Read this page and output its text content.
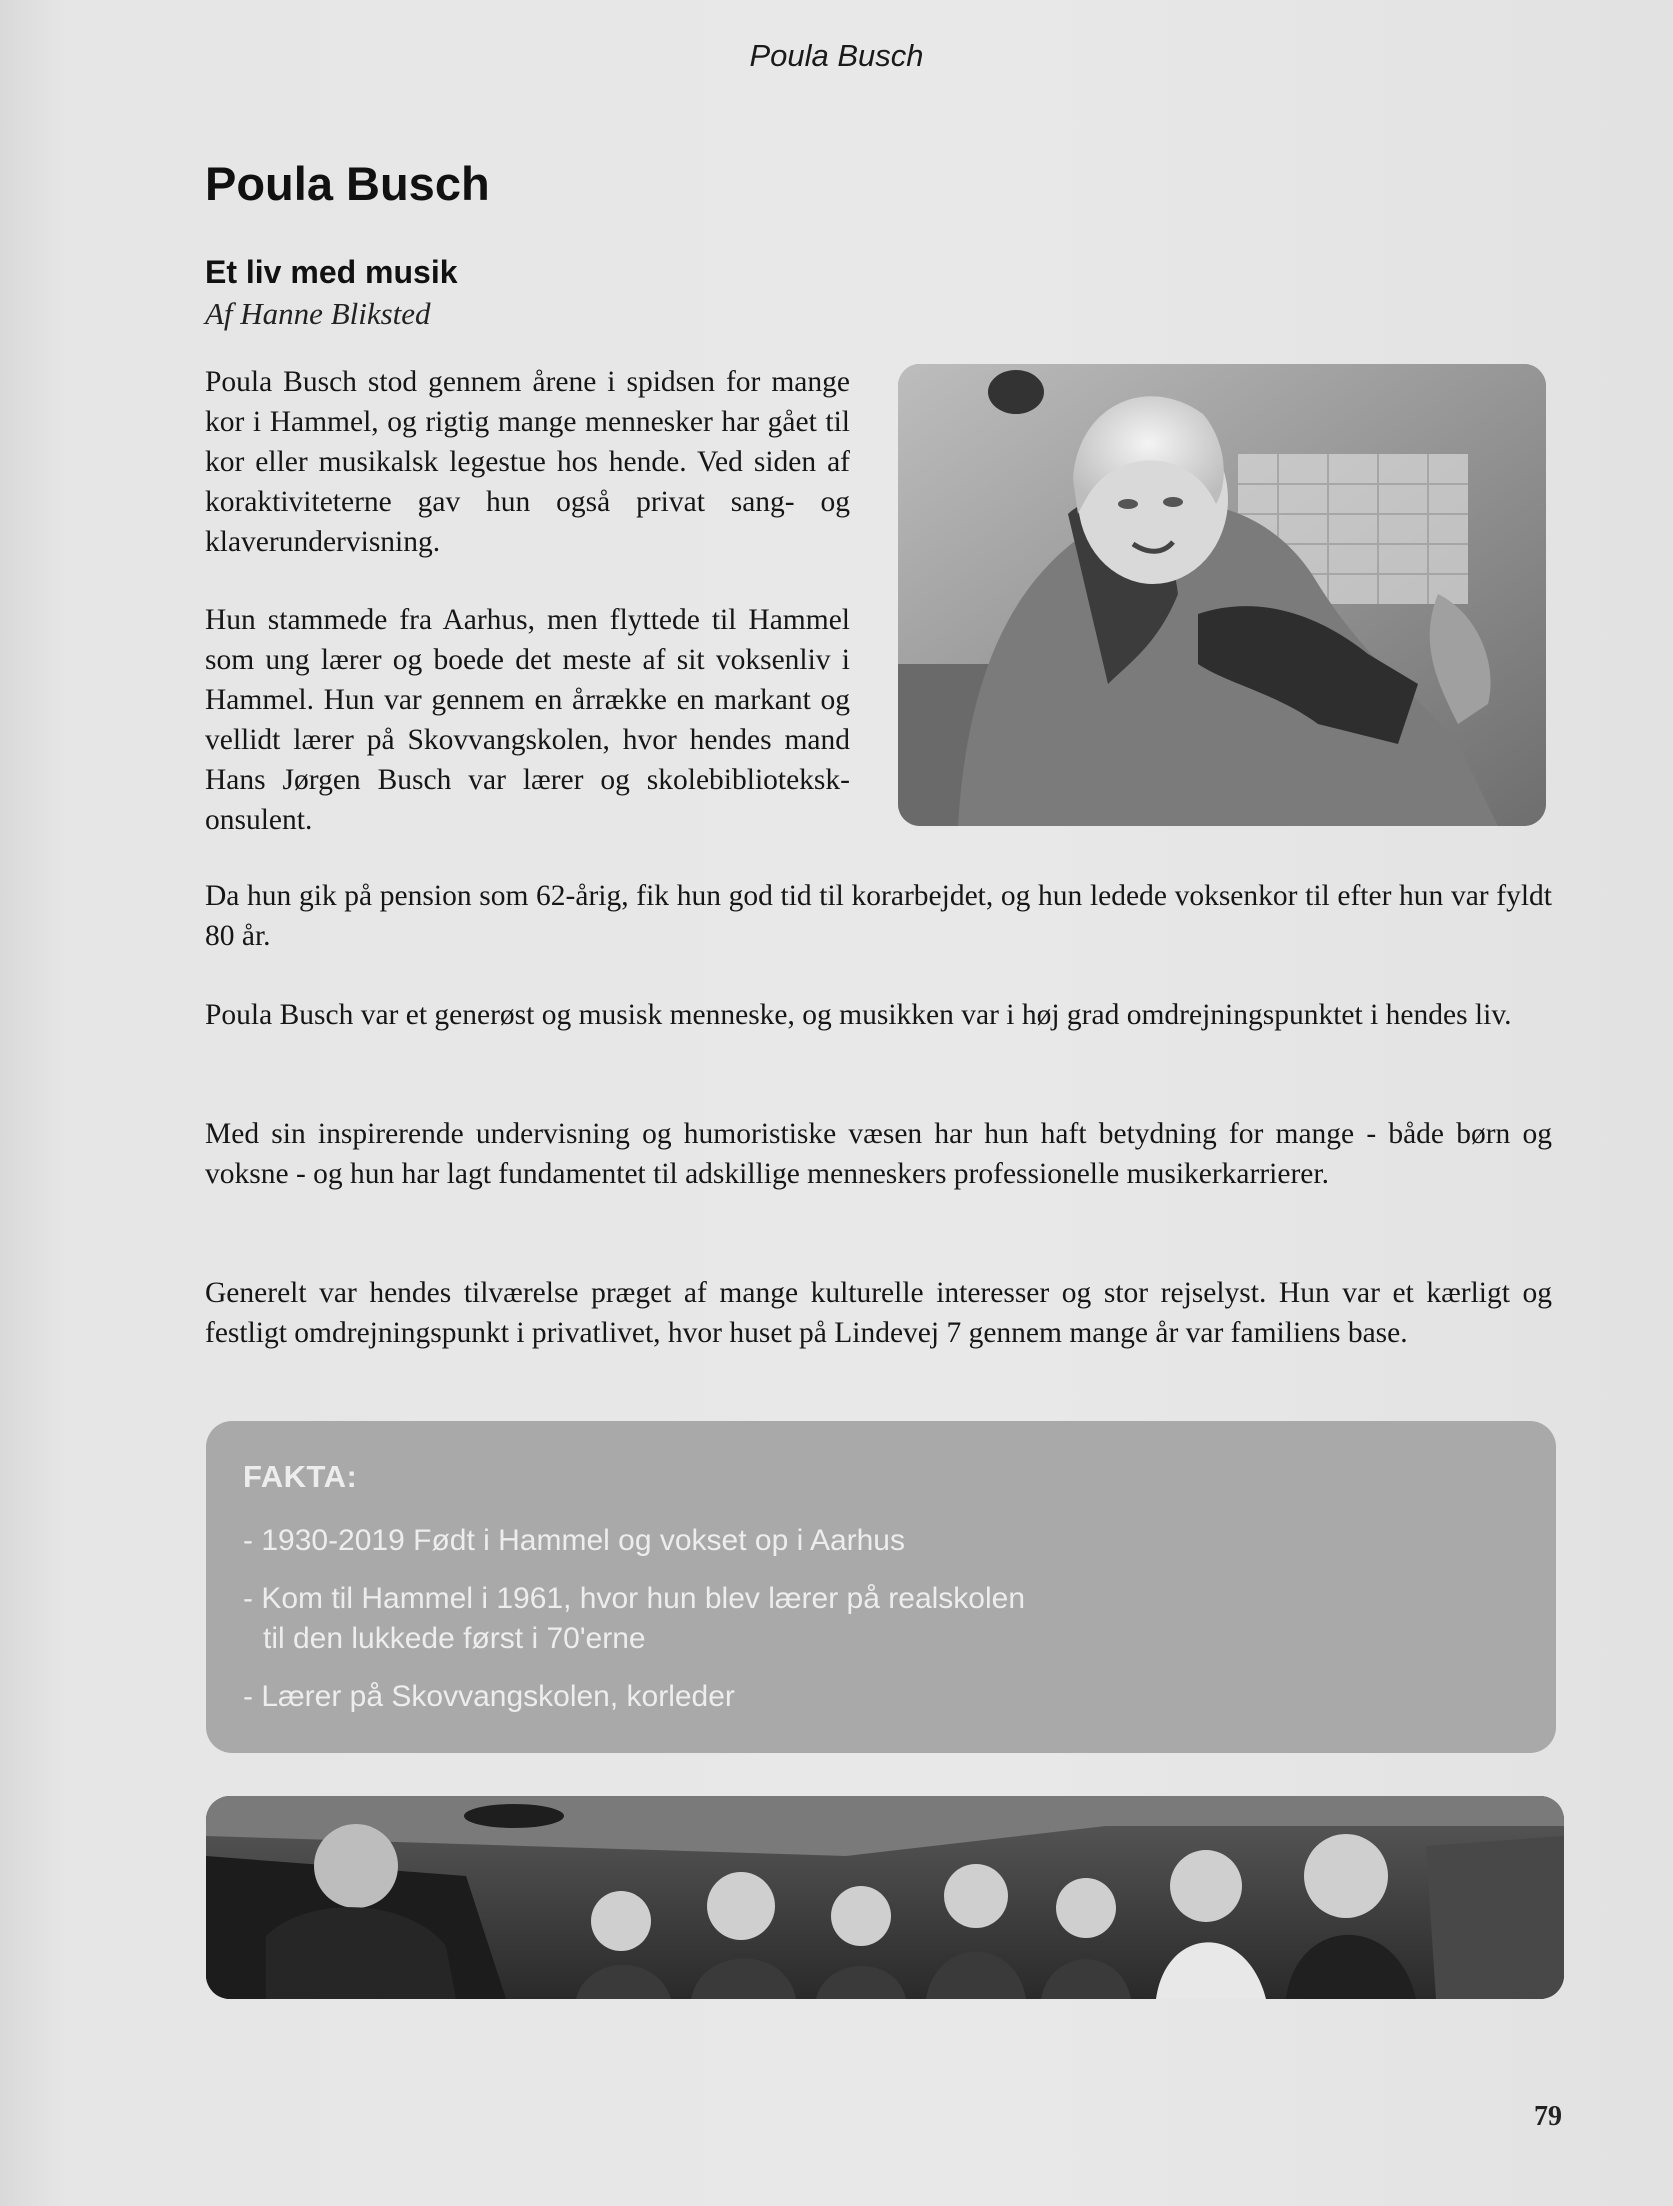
Poula Busch
Poula Busch
Et liv med musik
Af Hanne Bliksted

Poula Busch stod gennem årene i spidsen for mange kor i Hammel, og rigtig mange mennesker har gået til kor eller musikalsk legestue hos hende. Ved siden af koraktiviteterne gav hun også privat sang- og klaverundervisning.

Hun stammede fra Aarhus, men flyttede til Hammel som ung lærer og boede det meste af sit voksenliv i Hammel. Hun var gennem en årrække en markant og vellidt lærer på Skovvangskolen, hvor hendes mand Hans Jørgen Busch var lærer og skolebibliotekskonsulent.

Da hun gik på pension som 62-årig, fik hun god tid til korarbejdet, og hun ledede voksenkor til efter hun var fyldt 80 år.

Poula Busch var et generøst og musisk menneske, og musikken var i høj grad omdrejningspunktet i hendes liv.

Med sin inspirerende undervisning og humoristiske væsen har hun haft betydning for mange - både børn og voksne - og hun har lagt fundamentet til adskillige menneskers professionelle musikerkarrierer.

Generelt var hendes tilværelse præget af mange kulturelle interesser og stor rejselyst. Hun var et kærligt og festligt omdrejningspunkt i privatlivet, hvor huset på Lindevej 7 gennem mange år var familiens base.

FAKTA:
- 1930-2019 Født i Hammel og vokset op i Aarhus
- Kom til Hammel i 1961, hvor hun blev lærer på realskolen
til den lukkede først i 70'erne
- Lærer på Skovvangskolen, korleder
79
